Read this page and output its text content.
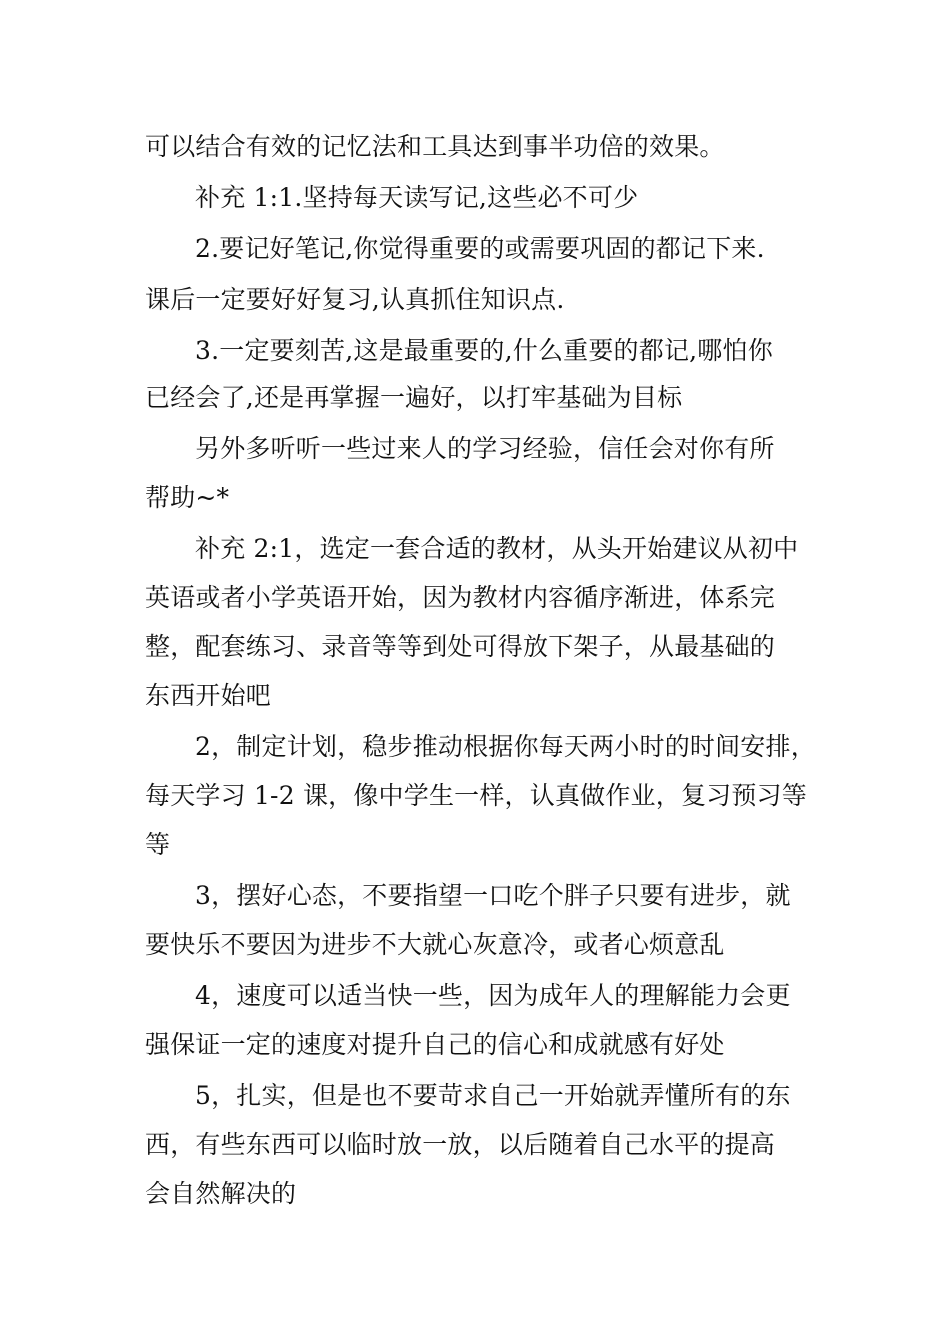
可以结合有效的记忆法和工具达到事半功倍的效果。

补充 1:1.坚持每天读写记,这些必不可少

2.要记好笔记,你觉得重要的或需要巩固的都记下来.

课后一定要好好复习,认真抓住知识点.

3.一定要刻苦,这是最重要的,什么重要的都记,哪怕你

已经会了,还是再掌握一遍好，以打牢基础为目标

另外多听听一些过来人的学习经验，信任会对你有所

帮助~*

补充 2:1，选定一套合适的教材，从头开始建议从初中

英语或者小学英语开始，因为教材内容循序渐进，体系完

整，配套练习、录音等等到处可得放下架子，从最基础的

东西开始吧

2，制定计划，稳步推动根据你每天两小时的时间安排，

每天学习 1-2 课，像中学生一样，认真做作业，复习预习等

等

3，摆好心态，不要指望一口吃个胖子只要有进步，就

要快乐不要因为进步不大就心灰意冷，或者心烦意乱

4，速度可以适当快一些，因为成年人的理解能力会更

强保证一定的速度对提升自己的信心和成就感有好处

5，扎实，但是也不要苛求自己一开始就弄懂所有的东

西，有些东西可以临时放一放，以后随着自己水平的提高

会自然解决的
